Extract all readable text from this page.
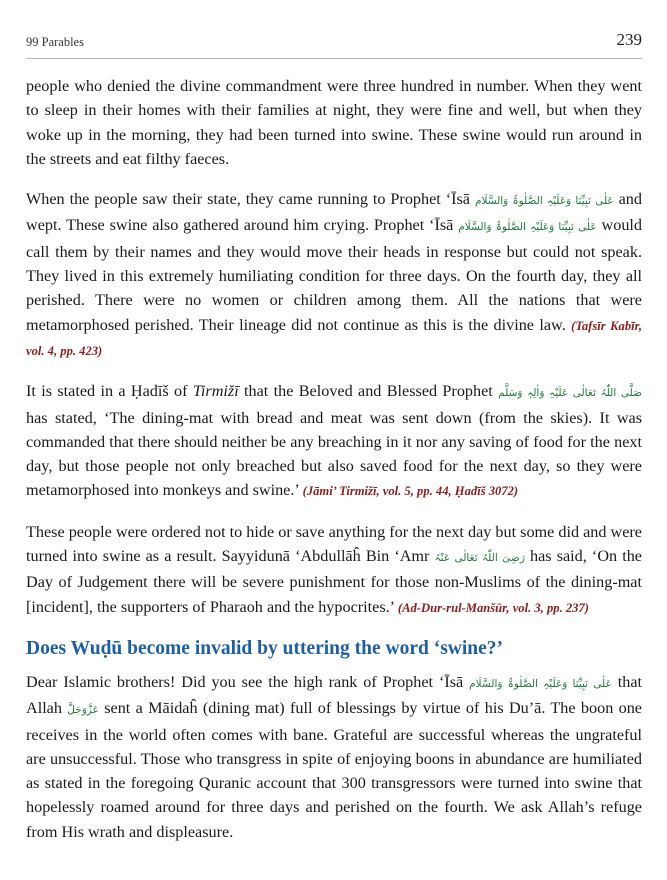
99 Parables	239

people who denied the divine commandment were three hundred in number. When they went to sleep in their homes with their families at night, they were fine and well, but when they woke up in the morning, they had been turned into swine. These swine would run around in the streets and eat filthy faeces.

When the people saw their state, they came running to Prophet ‘Īsā عَلٰی نَبِیِّنَا وَعَلَیْہِ الصَّلٰوۃُ وَالسَّلَام and wept. These swine also gathered around him crying. Prophet ‘Īsā عَلٰی نَبِیِّنَا وَعَلَیْہِ الصَّلٰوۃُ وَالسَّلَام would call them by their names and they would move their heads in response but could not speak. They lived in this extremely humiliating condition for three days. On the fourth day, they all perished. There were no women or children among them. All the nations that were metamorphosed perished. Their lineage did not continue as this is the divine law. (Tafsīr Kabīr, vol. 4, pp. 423)

It is stated in a Ḥadīš of Tirmižī that the Beloved and Blessed Prophet صَلَّی اللّٰہُ تَعَالٰی عَلَیْہِ وَاٰلِہٖ وَسَلَّم has stated, ‘The dining-mat with bread and meat was sent down (from the skies). It was commanded that there should neither be any breaching in it nor any saving of food for the next day, but those people not only breached but also saved food for the next day, so they were metamorphosed into monkeys and swine.’ (Jāmi’ Tirmižī, vol. 5, pp. 44, Ḥadīš 3072)

These people were ordered not to hide or save anything for the next day but some did and were turned into swine as a result. Sayyidunā ‘Abdullāĥ Bin ‘Amr رَضِیَ اللّٰہُ تَعَالٰی عَنْہُ has said, ‘On the Day of Judgement there will be severe punishment for those non-Muslims of the dining-mat [incident], the supporters of Pharaoh and the hypocrites.’ (Ad-Dur-rul-Manšūr, vol. 3, pp. 237)

Does Wuḍū become invalid by uttering the word ‘swine?’

Dear Islamic brothers! Did you see the high rank of Prophet ‘Īsā عَلٰی نَبِیِّنَا وَعَلَیْہِ الصَّلٰوۃُ وَالسَّلَام that Allah عَزَّوَجَلَّ sent a Māidaĥ (dining mat) full of blessings by virtue of his Du’ā. The boon one receives in the world often comes with bane. Grateful are successful whereas the ungrateful are unsuccessful. Those who transgress in spite of enjoying boons in abundance are humiliated as stated in the foregoing Quranic account that 300 transgressors were turned into swine that hopelessly roamed around for three days and perished on the fourth. We ask Allah’s refuge from His wrath and displeasure.
